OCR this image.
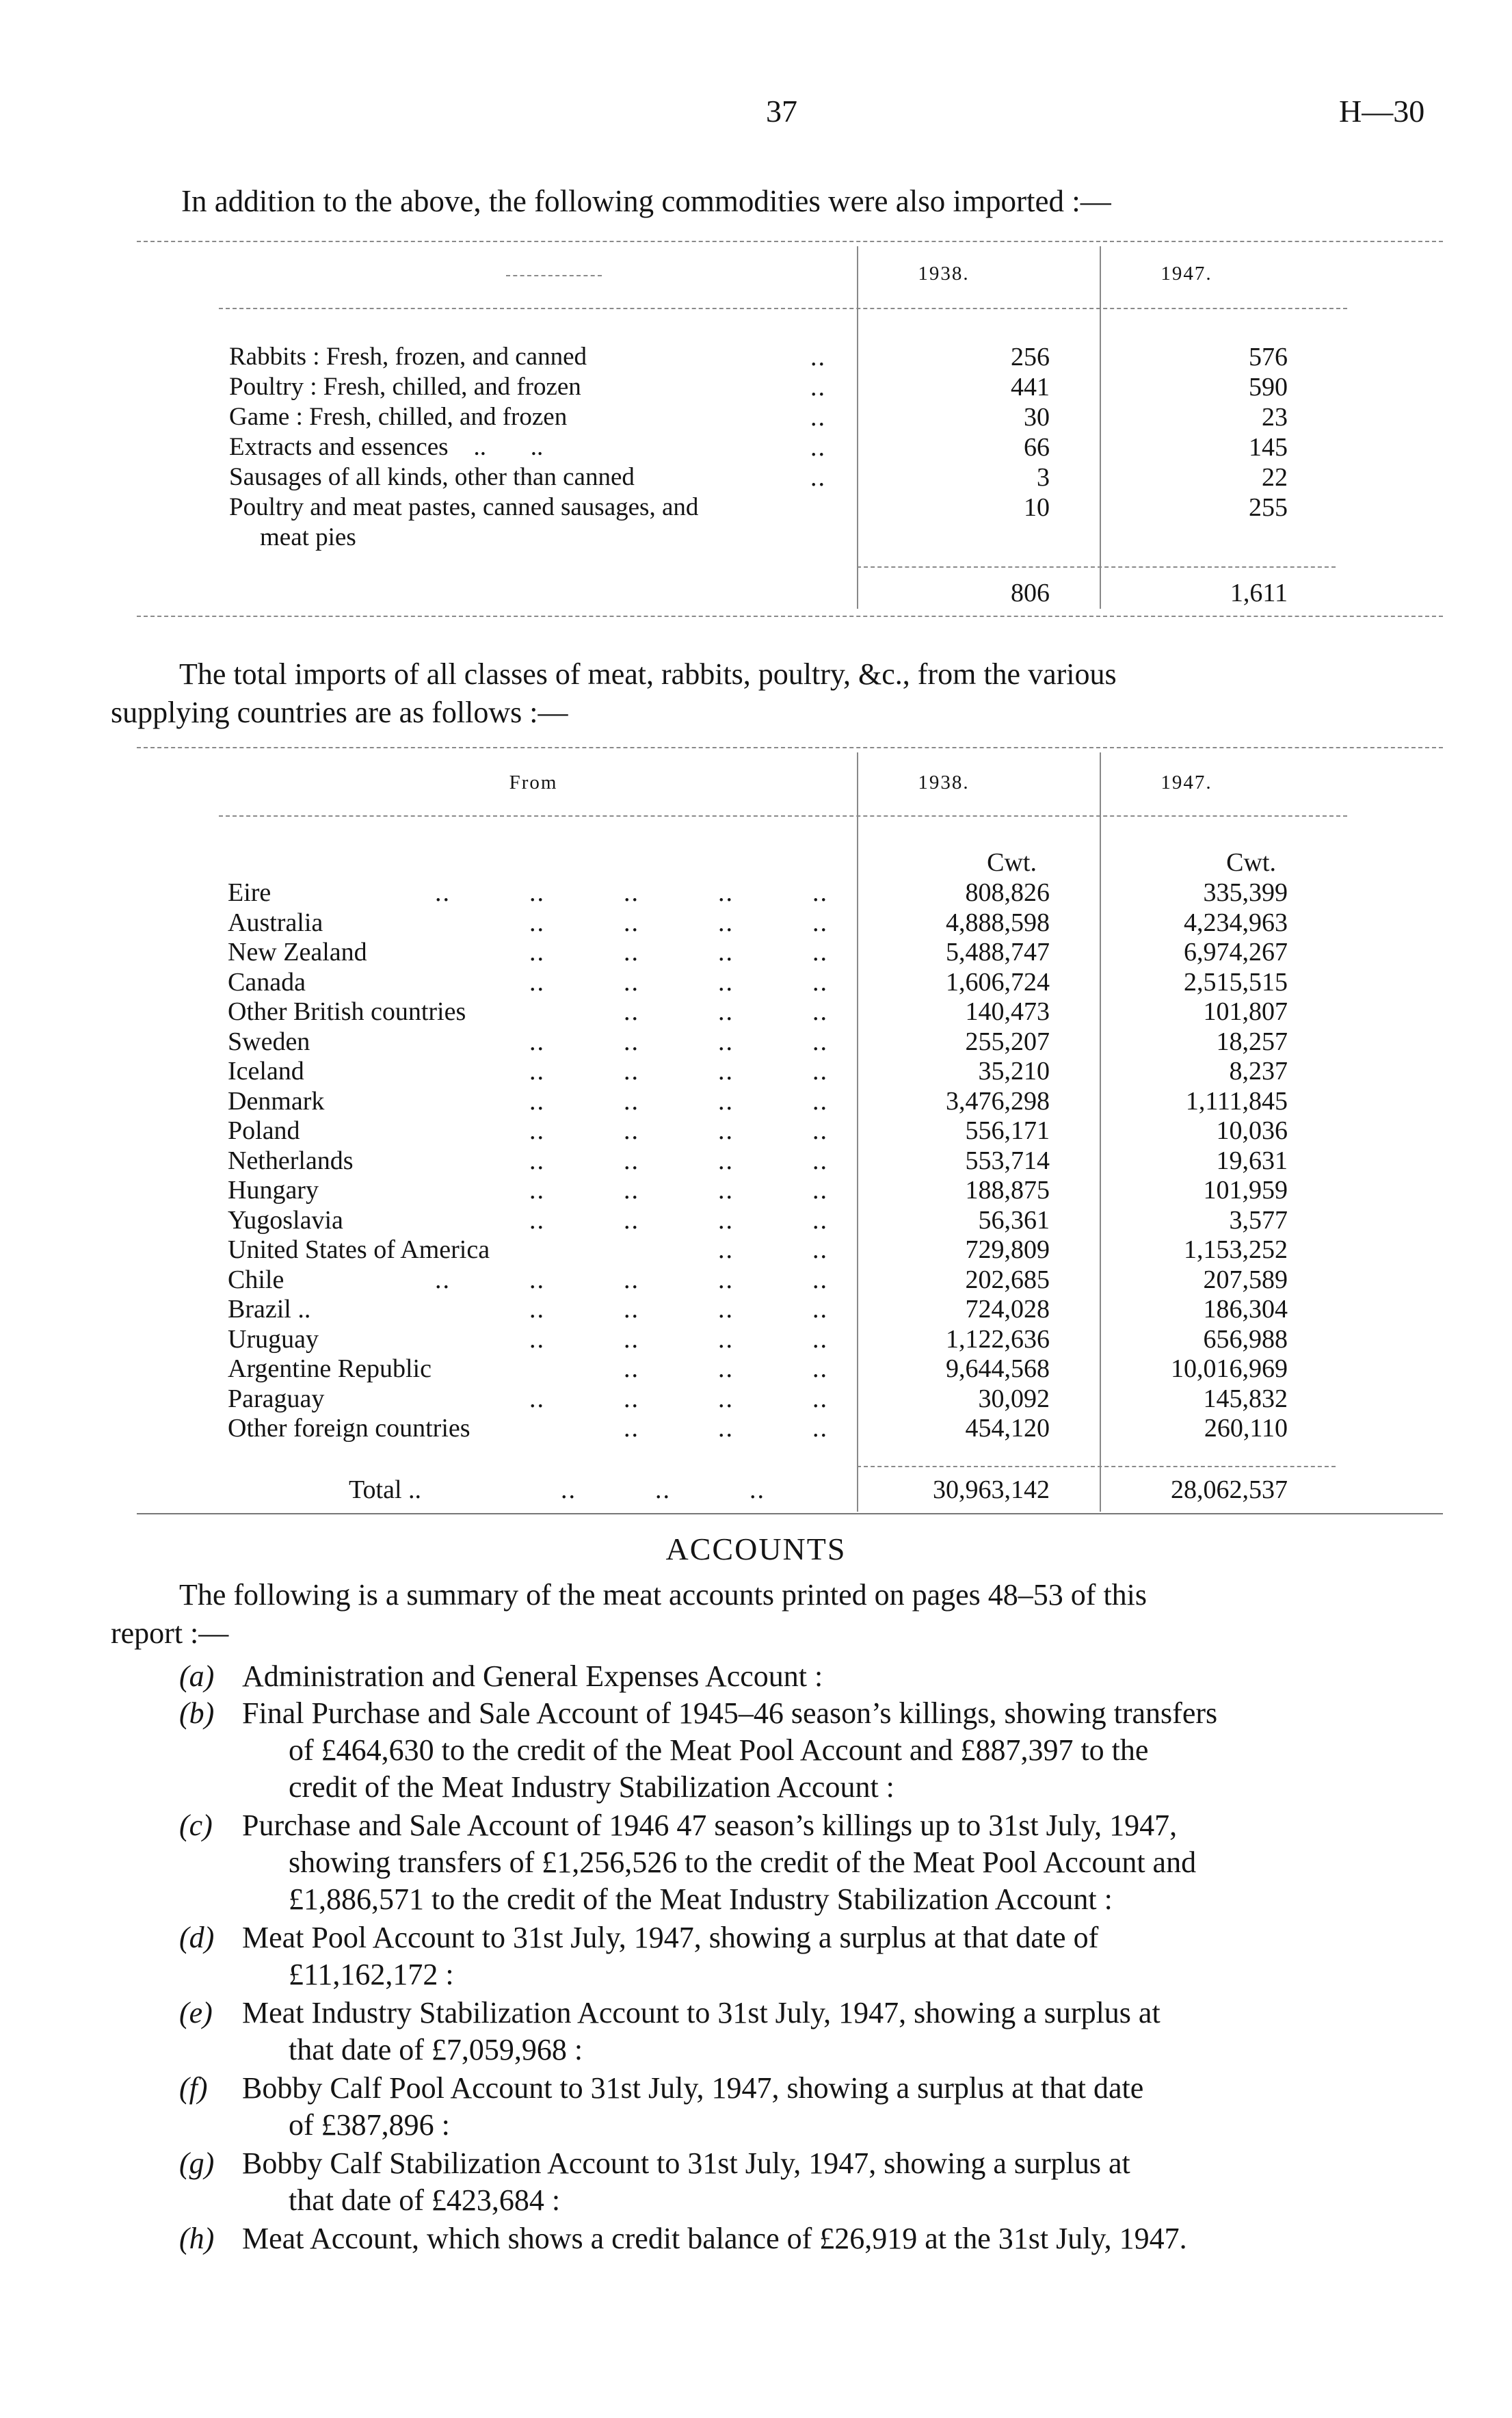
37	H—30
In addition to the above, the following commodities were also imported :—
1938.	1947.
Rabbits : Fresh, frozen, and canned	..	256	576
Poultry : Fresh, chilled, and frozen	..	441	590
Game : Fresh, chilled, and frozen	..	30	23
Extracts and essences    ..       ..	..	66	145
Sausages of all kinds, other than canned	..	3	22
Poultry and meat pastes, canned sausages, and	10	255
meat pies
806	1,611
The total imports of all classes of meat, rabbits, poultry, &c., from the various
supplying countries are as follows :—
From	1938.	1947.
Cwt.	Cwt.
Eire	..          ..          ..          ..          ..	808,826	335,399
Australia	..          ..          ..          ..	4,888,598	4,234,963
New Zealand	..          ..          ..          ..	5,488,747	6,974,267
Canada	..          ..          ..          ..	1,606,724	2,515,515
Other British countries	..          ..          ..	140,473	101,807
Sweden	..          ..          ..          ..	255,207	18,257
Iceland	..          ..          ..          ..	35,210	8,237
Denmark	..          ..          ..          ..	3,476,298	1,111,845
Poland	..          ..          ..          ..	556,171	10,036
Netherlands	..          ..          ..          ..	553,714	19,631
Hungary	..          ..          ..          ..	188,875	101,959
Yugoslavia	..          ..          ..          ..	56,361	3,577
United States of America	..          ..	729,809	1,153,252
Chile	..          ..          ..          ..          ..	202,685	207,589
Brazil ..	..          ..          ..          ..	724,028	186,304
Uruguay	..          ..          ..          ..	1,122,636	656,988
Argentine Republic	..          ..          ..	9,644,568	10,016,969
Paraguay	..          ..          ..          ..	30,092	145,832
Other foreign countries	..          ..          ..	454,120	260,110
Total ..	..          ..          ..	30,963,142	28,062,537
ACCOUNTS
The following is a summary of the meat accounts printed on pages 48–53 of this
report :—
(a) Administration and General Expenses Account :
(b) Final Purchase and Sale Account of 1945–46 season’s killings, showing transfers
of £464,630 to the credit of the Meat Pool Account and £887,397 to the
credit of the Meat Industry Stabilization Account :
(c) Purchase and Sale Account of 1946 47 season’s killings up to 31st July, 1947,
showing transfers of £1,256,526 to the credit of the Meat Pool Account and
£1,886,571 to the credit of the Meat Industry Stabilization Account :
(d) Meat Pool Account to 31st July, 1947, showing a surplus at that date of
£11,162,172 :
(e) Meat Industry Stabilization Account to 31st July, 1947, showing a surplus at
that date of £7,059,968 :
(f)	Bobby Calf Pool Account to 31st July, 1947, showing a surplus at that date
of £387,896 :
(g) Bobby Calf Stabilization Account to 31st July, 1947, showing a surplus at
that date of £423,684 :
(h) Meat Account, which shows a credit balance of £26,919 at the 31st July, 1947.
